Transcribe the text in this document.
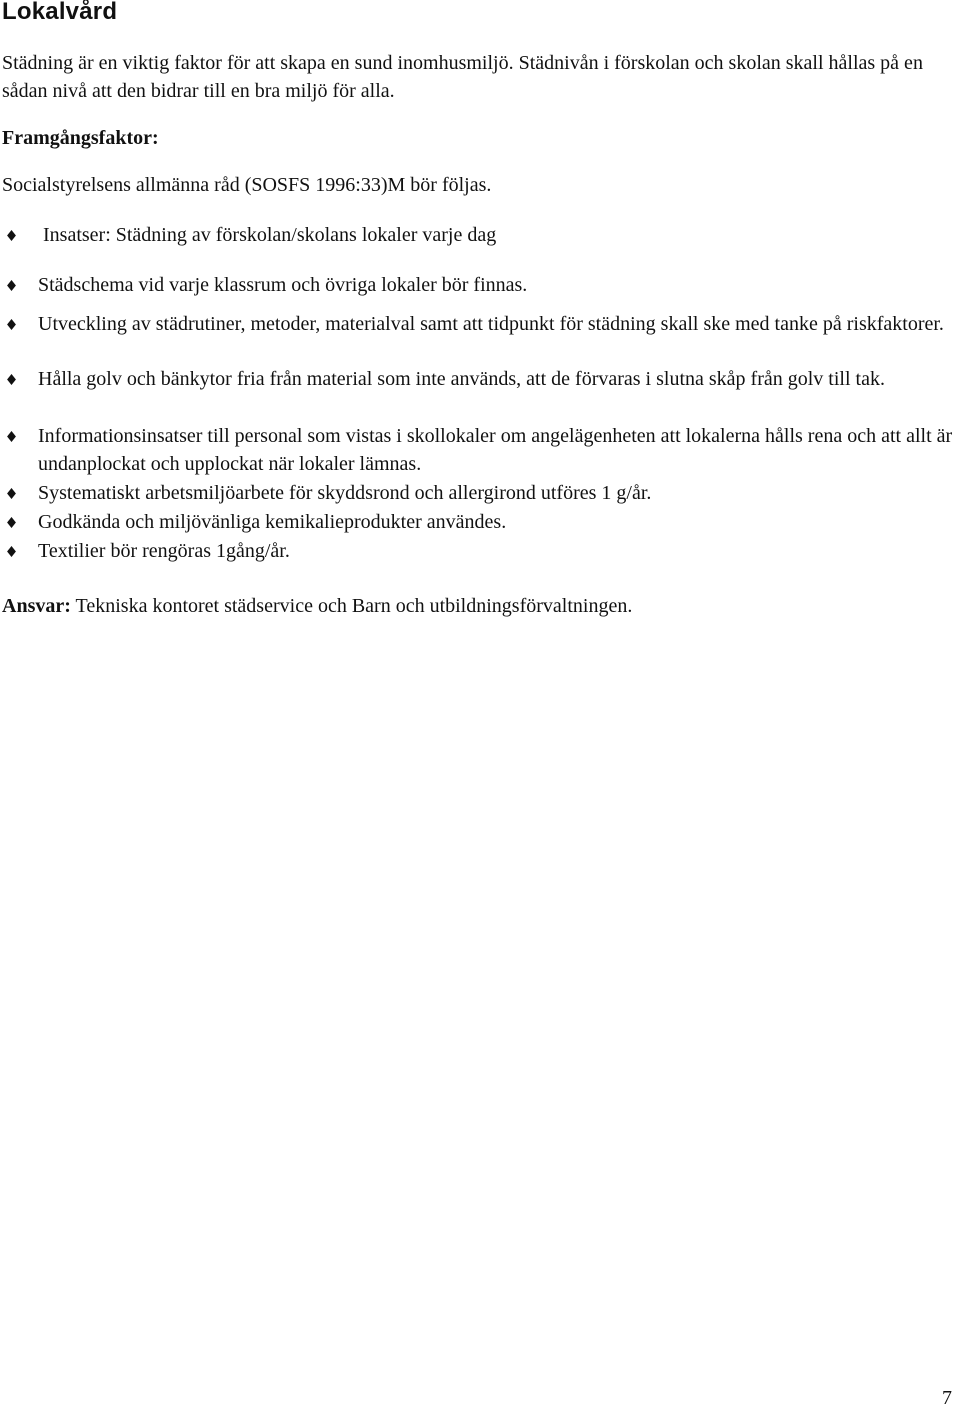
Lokalvård

Städning är en viktig faktor för att skapa en sund inomhusmiljö. Städnivån i förskolan och skolan skall hållas på en sådan nivå att den bidrar till en bra miljö för alla.

Framgångsfaktor:

Socialstyrelsens allmänna råd (SOSFS 1996:33)M bör följas.

Insatser: Städning av förskolan/skolans lokaler varje dag
Städschema vid varje klassrum och övriga lokaler bör finnas.
Utveckling av städrutiner, metoder, materialval samt att tidpunkt för städning skall ske med tanke på riskfaktorer.
Hålla golv och bänkytor fria från material som inte används, att de förvaras i slutna skåp från golv till tak.
Informationsinsatser till personal som vistas i skollokaler om angelägenheten att lokalerna hålls rena och att allt är undanplockat och upplockat när lokaler lämnas.
Systematiskt arbetsmiljöarbete för skyddsrond och allergirond utföres 1 g/år.
Godkända och miljövänliga kemikalieprodukter användes.
Textilier bör rengöras 1gång/år.

Ansvar: Tekniska kontoret städservice och Barn och utbildningsförvaltningen.

7
